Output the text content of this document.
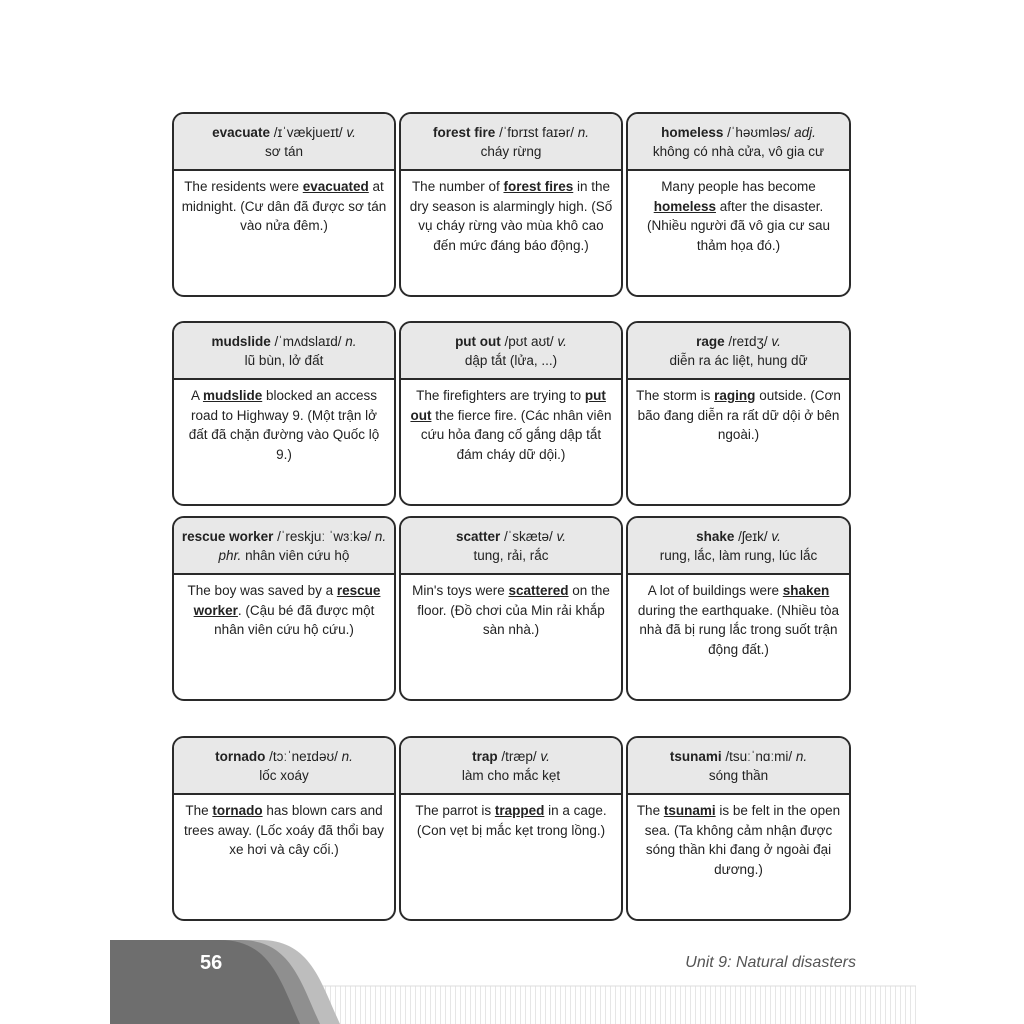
evacuate /ɪˈvækjueɪt/ v.
sơ tán
The residents were evacuated at midnight. (Cư dân đã được sơ tán vào nửa đêm.)
forest fire /ˈfɒrɪst faɪər/ n.
cháy rừng
The number of forest fires in the dry season is alarmingly high. (Số vụ cháy rừng vào mùa khô cao đến mức đáng báo động.)
homeless /ˈhəʊmləs/ adj.
không có nhà cửa, vô gia cư
Many people has become homeless after the disaster. (Nhiều người đã vô gia cư sau thảm họa đó.)
mudslide /ˈmʌdslaɪd/ n.
lũ bùn, lở đất
A mudslide blocked an access road to Highway 9. (Một trận lở đất đã chặn đường vào Quốc lộ 9.)
put out /pʊt aʊt/ v.
dập tắt (lửa, ...)
The firefighters are trying to put out the fierce fire. (Các nhân viên cứu hỏa đang cố gắng dập tắt đám cháy dữ dội.)
rage /reɪdʒ/ v.
diễn ra ác liệt, hung dữ
The storm is raging outside. (Cơn bão đang diễn ra rất dữ dội ở bên ngoài.)
rescue worker /ˈreskjuː ˈwɜːkə/ n. phr. nhân viên cứu hộ
The boy was saved by a rescue worker. (Cậu bé đã được một nhân viên cứu hộ cứu.)
scatter /ˈskætə/ v.
tung, rải, rắc
Min's toys were scattered on the floor. (Đồ chơi của Min rải khắp sàn nhà.)
shake /ʃeɪk/ v.
rung, lắc, làm rung, lúc lắc
A lot of buildings were shaken during the earthquake. (Nhiều tòa nhà đã bị rung lắc trong suốt trận động đất.)
tornado /tɔːˈneɪdəʊ/ n.
lốc xoáy
The tornado has blown cars and trees away. (Lốc xoáy đã thổi bay xe hơi và cây cối.)
trap /træp/ v.
làm cho mắc kẹt
The parrot is trapped in a cage. (Con vẹt bị mắc kẹt trong lồng.)
tsunami /tsuːˈnɑːmi/ n.
sóng thần
The tsunami is be felt in the open sea. (Ta không cảm nhận được sóng thần khi đang ở ngoài đại dương.)
56	Unit 9: Natural disasters
